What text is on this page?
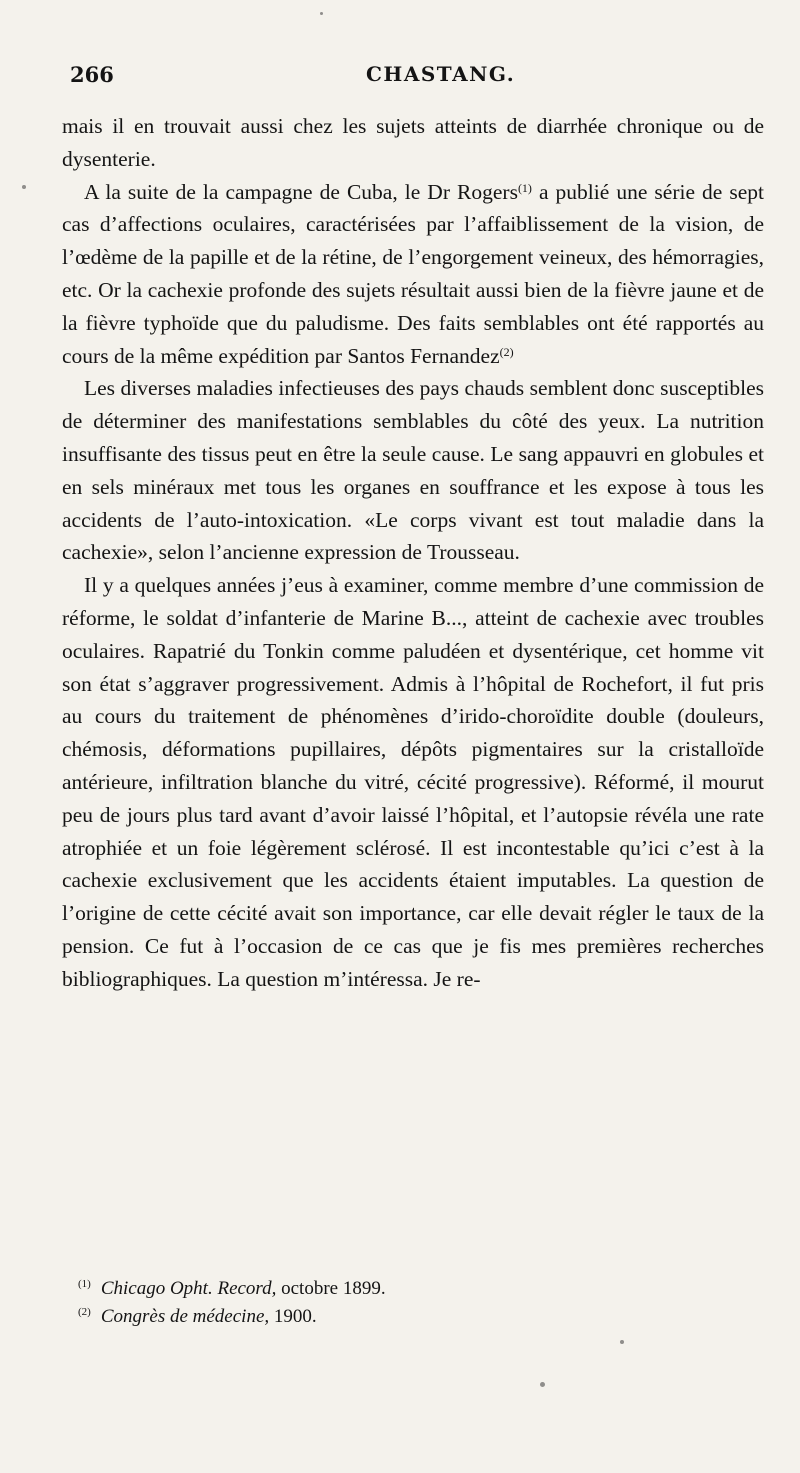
266	CHASTANG.

mais il en trouvait aussi chez les sujets atteints de diarrhée chronique ou de dysenterie.

A la suite de la campagne de Cuba, le Dr Rogers$^{(1)}$ a publié une série de sept cas d’affections oculaires, caractérisées par l’affaiblissement de la vision, de l’œdème de la papille et de la rétine, de l’engorgement veineux, des hémorragies, etc. Or la cachexie profonde des sujets résultait aussi bien de la fièvre jaune et de la fièvre typhoïde que du paludisme. Des faits semblables ont été rapportés au cours de la même expédition par Santos Fernandez$^{(2)}$

Les diverses maladies infectieuses des pays chauds semblent donc susceptibles de déterminer des manifestations semblables du côté des yeux. La nutrition insuffisante des tissus peut en être la seule cause. Le sang appauvri en globules et en sels minéraux met tous les organes en souffrance et les expose à tous les accidents de l’auto-intoxication. «Le corps vivant est tout maladie dans la cachexie», selon l’ancienne expression de Trousseau.

Il y a quelques années j’eus à examiner, comme membre d’une commission de réforme, le soldat d’infanterie de Marine B..., atteint de cachexie avec troubles oculaires. Rapatrié du Tonkin comme paludéen et dysentérique, cet homme vit son état s’aggraver progressivement. Admis à l’hôpital de Rochefort, il fut pris au cours du traitement de phénomènes d’irido-choroïdite double (douleurs, chémosis, déformations pupillaires, dépôts pigmentaires sur la cristalloïde antérieure, infiltration blanche du vitré, cécité progressive). Réformé, il mourut peu de jours plus tard avant d’avoir laissé l’hôpital, et l’autopsie révéla une rate atrophiée et un foie légèrement sclérosé. Il est incontestable qu’ici c’est à la cachexie exclusivement que les accidents étaient imputables. La question de l’origine de cette cécité avait son importance, car elle devait régler le taux de la pension. Ce fut à l’occasion de ce cas que je fis mes premières recherches bibliographiques. La question m’intéressa. Je re-

$^{(1)}$ Chicago Opht. Record, octobre 1899.

$^{(2)}$ Congrès de médecine, 1900.
